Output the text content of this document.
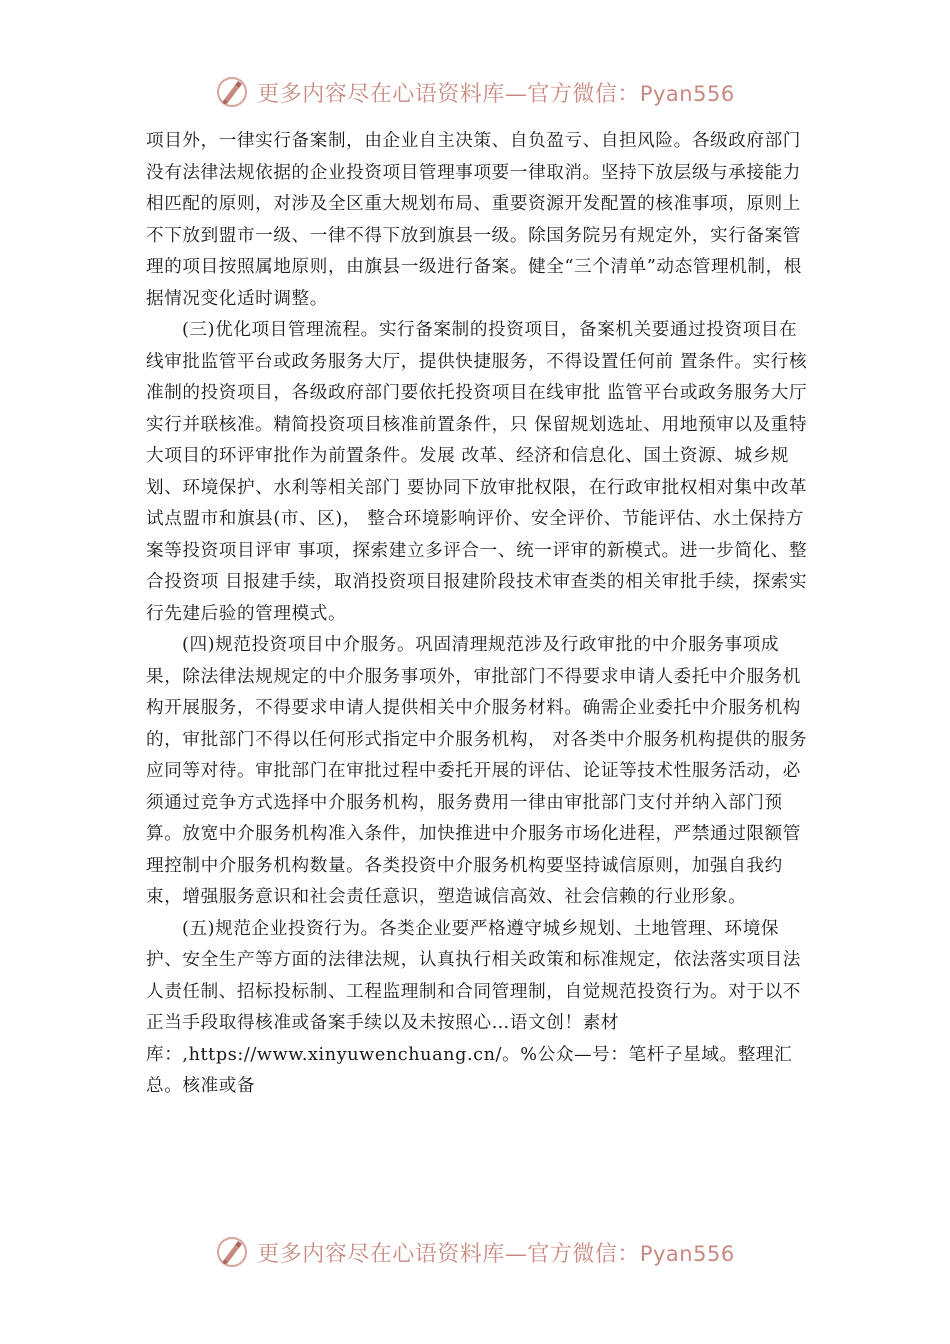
更多内容尽在心语资料库—官方微信：Pyan556

项目外，一律实行备案制，由企业自主决策、自负盈亏、自担风险。各级政府部门没有法律法规依据的企业投资项目管理事项要一律取消。坚持下放层级与承接能力相匹配的原则，对涉及全区重大规划布局、重要资源开发配置的核准事项，原则上不下放到盟市一级、一律不得下放到旗县一级。除国务院另有规定外，实行备案管理的项目按照属地原则，由旗县一级进行备案。健全“三个清单”动态管理机制，根据情况变化适时调整。

(三)优化项目管理流程。实行备案制的投资项目，备案机关要通过投资项目在线审批监管平台或政务服务大厅，提供快捷服务，不得设置任何前 置条件。实行核准制的投资项目，各级政府部门要依托投资项目在线审批 监管平台或政务服务大厅实行并联核准。精简投资项目核准前置条件，只 保留规划选址、用地预审以及重特大项目的环评审批作为前置条件。发展 改革、经济和信息化、国土资源、城乡规划、环境保护、水利等相关部门 要协同下放审批权限，在行政审批权相对集中改革试点盟市和旗县(市、区)， 整合环境影响评价、安全评价、节能评估、水土保持方案等投资项目评审 事项，探索建立多评合一、统一评审的新模式。进一步简化、整合投资项 目报建手续，取消投资项目报建阶段技术审查类的相关审批手续，探索实 行先建后验的管理模式。

(四)规范投资项目中介服务。巩固清理规范涉及行政审批的中介服务事项成果，除法律法规规定的中介服务事项外，审批部门不得要求申请人委托中介服务机构开展服务，不得要求申请人提供相关中介服务材料。确需企业委托中介服务机构的，审批部门不得以任何形式指定中介服务机构， 对各类中介服务机构提供的服务应同等对待。审批部门在审批过程中委托开展的评估、论证等技术性服务活动，必须通过竞争方式选择中介服务机构，服务费用一律由审批部门支付并纳入部门预算。放宽中介服务机构准入条件，加快推进中介服务市场化进程，严禁通过限额管理控制中介服务机构数量。各类投资中介服务机构要坚持诚信原则，加强自我约束，增强服务意识和社会责任意识，塑造诚信高效、社会信赖的行业形象。

(五)规范企业投资行为。各类企业要严格遵守城乡规划、土地管理、环境保护、安全生产等方面的法律法规，认真执行相关政策和标准规定，依法落实项目法人责任制、招标投标制、工程监理制和合同管理制，自觉规范投资行为。对于以不正当手段取得核准或备案手续以及未按照心…语文创！素材库：,https://www.xinyuwenchuang.cn/。%公众—号：笔杆子星域。整理汇总。核准或备

更多内容尽在心语资料库—官方微信：Pyan556
